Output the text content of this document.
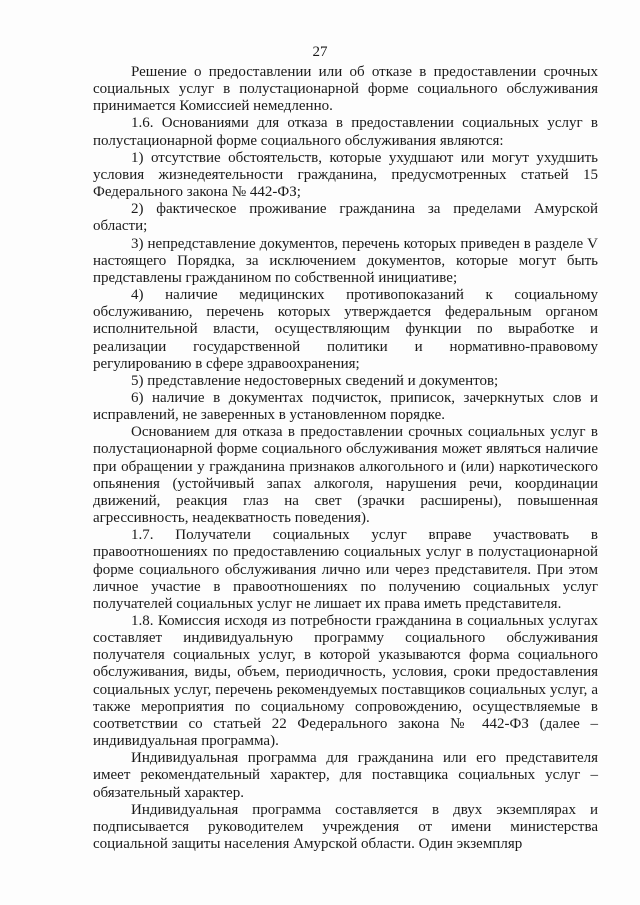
27

Решение о предоставлении или об отказе в предоставлении срочных социальных услуг в полустационарной форме социального обслуживания принимается Комиссией немедленно.

1.6. Основаниями для отказа в предоставлении социальных услуг в полустационарной форме социального обслуживания являются:

1) отсутствие обстоятельств, которые ухудшают или могут ухудшить условия жизнедеятельности гражданина, предусмотренных статьей 15 Федерального закона № 442-ФЗ;

2) фактическое проживание гражданина за пределами Амурской области;

3) непредставление документов, перечень которых приведен в разделе V настоящего Порядка, за исключением документов, которые могут быть представлены гражданином по собственной инициативе;

4) наличие медицинских противопоказаний к социальному обслуживанию, перечень которых утверждается федеральным органом исполнительной власти, осуществляющим функции по выработке и реализации государственной политики и нормативно-правовому регулированию в сфере здравоохранения;

5) представление недостоверных сведений и документов;

6) наличие в документах подчисток, приписок, зачеркнутых слов и исправлений, не заверенных в установленном порядке.

Основанием для отказа в предоставлении срочных социальных услуг в полустационарной форме социального обслуживания может являться наличие при обращении у гражданина признаков алкогольного и (или) наркотического опьянения (устойчивый запах алкоголя, нарушения речи, координации движений, реакция глаз на свет (зрачки расширены), повышенная агрессивность, неадекватность поведения).

1.7. Получатели социальных услуг вправе участвовать в правоотношениях по предоставлению социальных услуг в полустационарной форме социального обслуживания лично или через представителя. При этом личное участие в правоотношениях по получению социальных услуг получателей социальных услуг не лишает их права иметь представителя.

1.8. Комиссия исходя из потребности гражданина в социальных услугах составляет индивидуальную программу социального обслуживания получателя социальных услуг, в которой указываются форма социального обслуживания, виды, объем, периодичность, условия, сроки предоставления социальных услуг, перечень рекомендуемых поставщиков социальных услуг, а также мероприятия по социальному сопровождению, осуществляемые в соответствии со статьей 22 Федерального закона № 442-ФЗ (далее – индивидуальная программа).

Индивидуальная программа для гражданина или его представителя имеет рекомендательный характер, для поставщика социальных услуг – обязательный характер.

Индивидуальная программа составляется в двух экземплярах и подписывается руководителем учреждения от имени министерства социальной защиты населения Амурской области. Один экземпляр
